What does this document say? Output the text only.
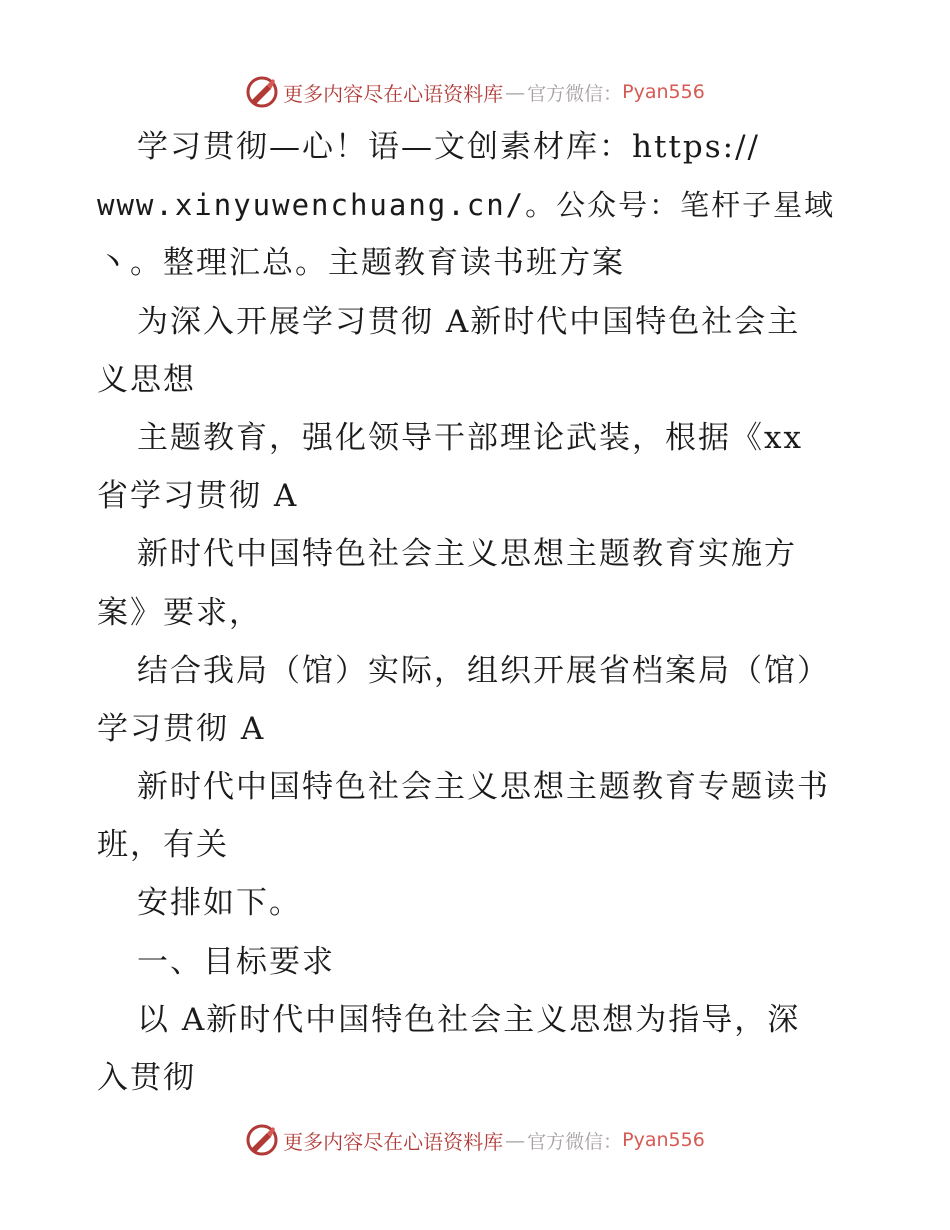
更多内容尽在心语资料库 — 官方微信： Pyan556
学习贯彻—心！语—文创素材库：https://
www.xinyuwenchuang.cn/。公众号：笔杆子星域
丶。整理汇总。主题教育读书班方案
为深入开展学习贯彻 A新时代中国特色社会主
义思想
主题教育，强化领导干部理论武装，根据《xx
省学习贯彻 A
新时代中国特色社会主义思想主题教育实施方
案》要求，
结合我局（馆）实际，组织开展省档案局（馆）
学习贯彻 A
新时代中国特色社会主义思想主题教育专题读书
班，有关
安排如下。
一、目标要求
以 A新时代中国特色社会主义思想为指导，深
入贯彻
更多内容尽在心语资料库 — 官方微信： Pyan556
